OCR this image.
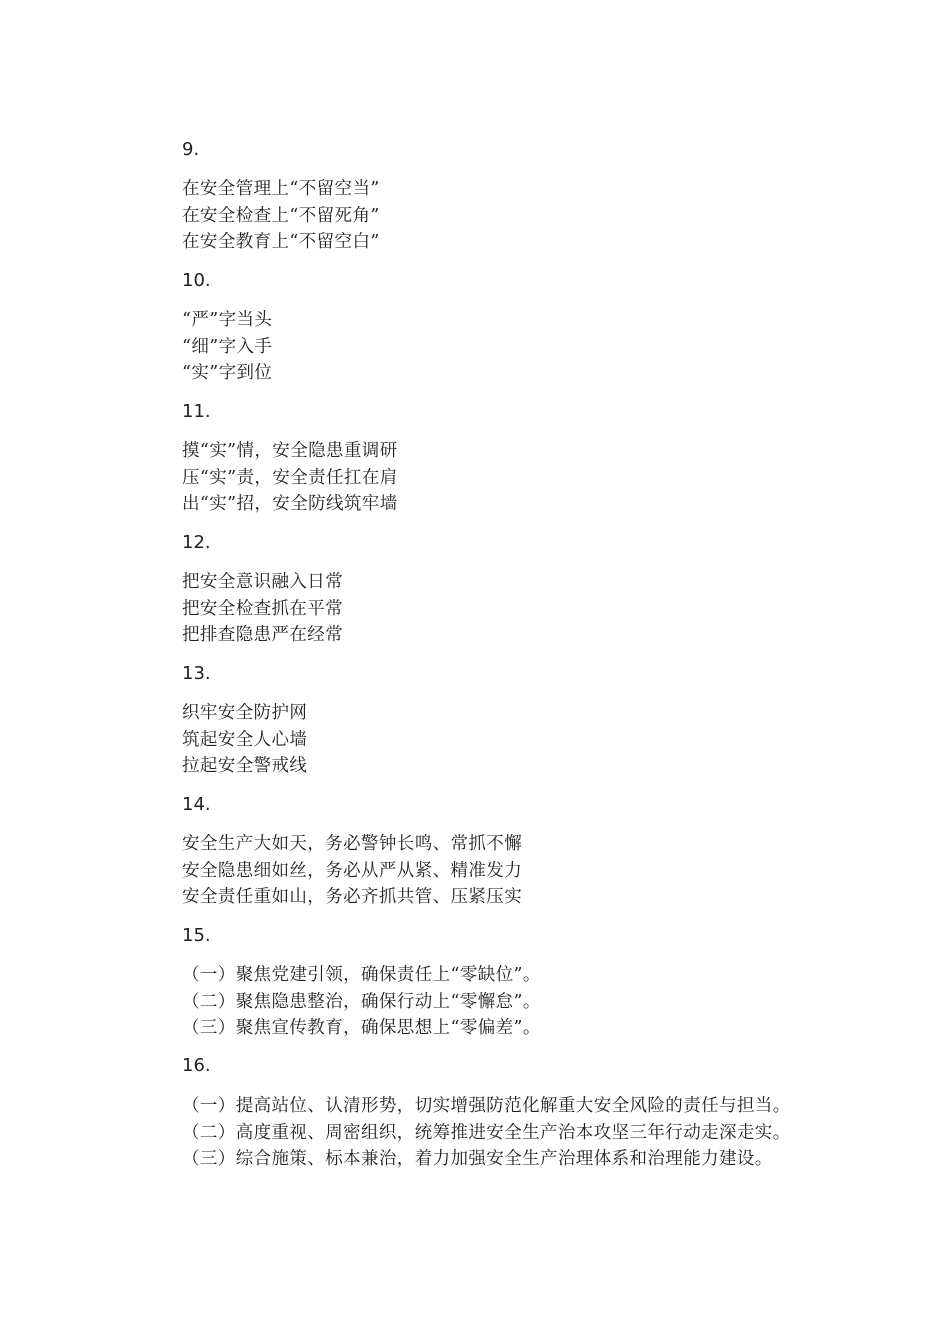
9.
在安全管理上“不留空当”
在安全检查上“不留死角”
在安全教育上“不留空白”
10.
“严”字当头
“细”字入手
“实”字到位
11.
摸“实”情，安全隐患重调研
压“实”责，安全责任扛在肩
出“实”招，安全防线筑牢墙
12.
把安全意识融入日常
把安全检查抓在平常
把排查隐患严在经常
13.
织牢安全防护网
筑起安全人心墙
拉起安全警戒线
14.
安全生产大如天，务必警钟长鸣、常抓不懈
安全隐患细如丝，务必从严从紧、精准发力
安全责任重如山，务必齐抓共管、压紧压实
15.
（一）聚焦党建引领，确保责任上“零缺位”。
（二）聚焦隐患整治，确保行动上“零懈怠”。
（三）聚焦宣传教育，确保思想上“零偏差”。
16.

（一）提高站位、认清形势，切实增强防范化解重大安全风险的责任与担当。

（二）高度重视、周密组织，统筹推进安全生产治本攻坚三年行动走深走实。

（三）综合施策、标本兼治，着力加强安全生产治理体系和治理能力建设。
